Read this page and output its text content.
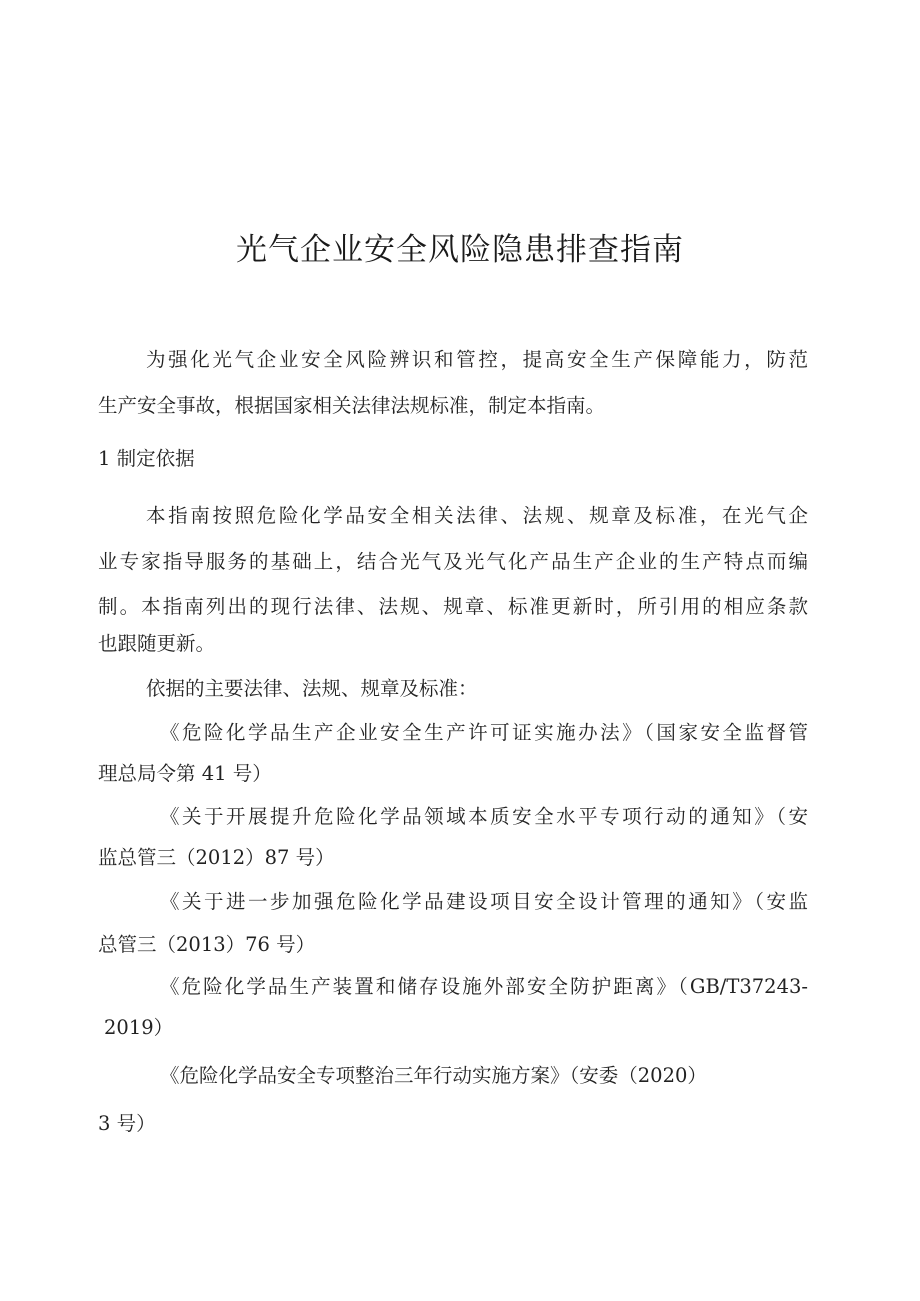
光气企业安全风险隐患排查指南

为强化光气企业安全风险辨识和管控，提高安全生产保障能力，防范

生产安全事故，根据国家相关法律法规标准，制定本指南。

1 制定依据

本指南按照危险化学品安全相关法律、法规、规章及标准，在光气企

业专家指导服务的基础上，结合光气及光气化产品生产企业的生产特点而编

制。本指南列出的现行法律、法规、规章、标准更新时，所引用的相应条款

也跟随更新。

依据的主要法律、法规、规章及标准：

《危险化学品生产企业安全生产许可证实施办法》（国家安全监督管

理总局令第 41 号）

《关于开展提升危险化学品领域本质安全水平专项行动的通知》（安

监总管三（2012）87 号）

《关于进一步加强危险化学品建设项目安全设计管理的通知》（安监

总管三（2013）76 号）

《危险化学品生产装置和储存设施外部安全防护距离》（GB/T37243-

2019）

《危险化学品安全专项整治三年行动实施方案》（安委（2020）

3 号）
